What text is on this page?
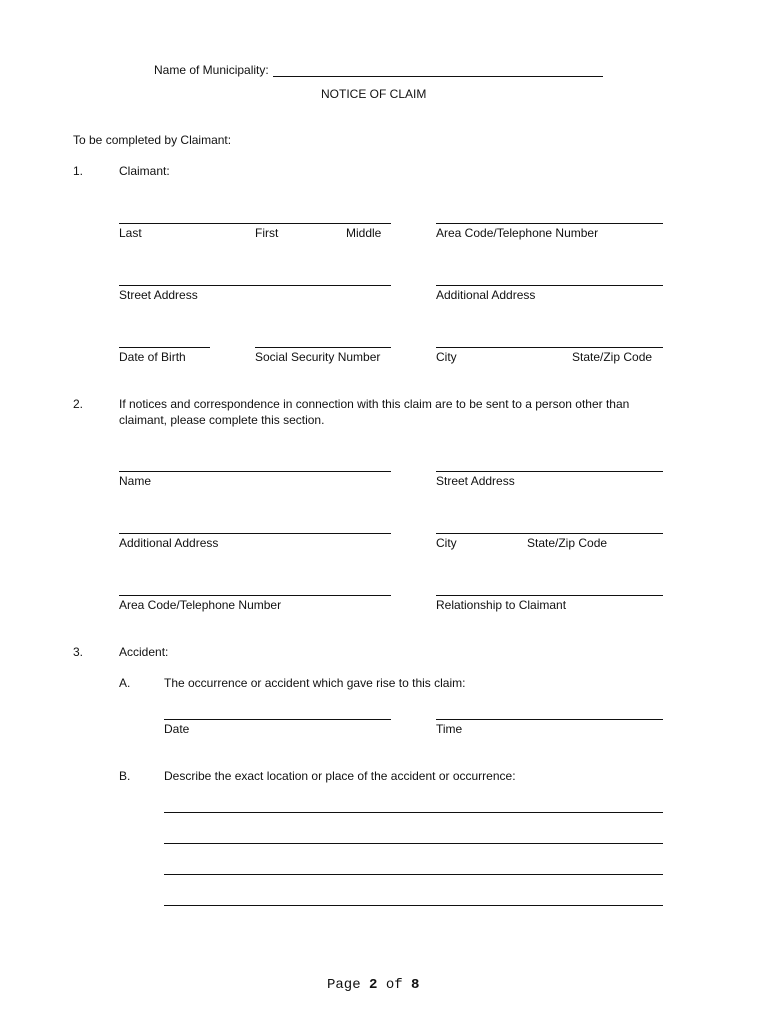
Name of Municipality:
NOTICE OF CLAIM
To be completed by Claimant:
1.	Claimant:
Last	First	Middle	Area Code/Telephone Number
Street Address	Additional Address
Date of Birth	Social Security Number	City	State/Zip Code
2.	If notices and correspondence in connection with this claim are to be sent to a person other than
claimant, please complete this section.
Name	Street Address
Additional Address	City	State/Zip Code
Area Code/Telephone Number	Relationship to Claimant
3.	Accident:
A.	The occurrence or accident which gave rise to this claim:
Date	Time
B.	Describe the exact location or place of the accident or occurrence:
Page 2 of 8
